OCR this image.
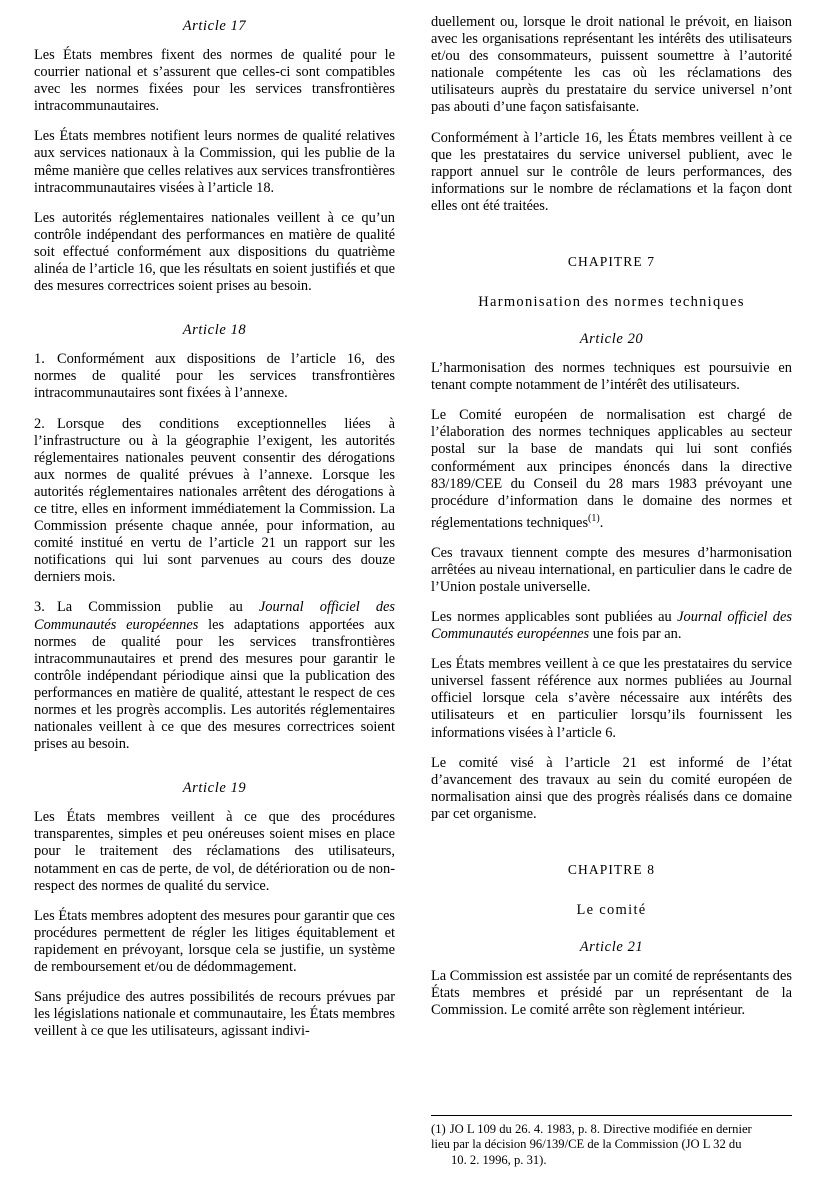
Article 17

Les États membres fixent des normes de qualité pour le courrier national et s’assurent que celles-ci sont compatibles avec les normes fixées pour les services transfrontières intracommunautaires.

Les États membres notifient leurs normes de qualité relatives aux services nationaux à la Commission, qui les publie de la même manière que celles relatives aux services transfrontières intracommunautaires visées à l’article 18.

Les autorités réglementaires nationales veillent à ce qu’un contrôle indépendant des performances en matière de qualité soit effectué conformément aux dispositions du quatrième alinéa de l’article 16, que les résultats en soient justifiés et que des mesures correctrices soient prises au besoin.

Article 18

1. Conformément aux dispositions de l’article 16, des normes de qualité pour les services transfrontières intracommunautaires sont fixées à l’annexe.

2. Lorsque des conditions exceptionnelles liées à l’infrastructure ou à la géographie l’exigent, les autorités réglementaires nationales peuvent consentir des dérogations aux normes de qualité prévues à l’annexe. Lorsque les autorités réglementaires nationales arrêtent des dérogations à ce titre, elles en informent immédiatement la Commission. La Commission présente chaque année, pour information, au comité institué en vertu de l’article 21 un rapport sur les notifications qui lui sont parvenues au cours des douze derniers mois.

3. La Commission publie au Journal officiel des Communautés européennes les adaptations apportées aux normes de qualité pour les services transfrontières intracommunautaires et prend des mesures pour garantir le contrôle indépendant périodique ainsi que la publication des performances en matière de qualité, attestant le respect de ces normes et les progrès accomplis. Les autorités réglementaires nationales veillent à ce que des mesures correctrices soient prises au besoin.

Article 19

Les États membres veillent à ce que des procédures transparentes, simples et peu onéreuses soient mises en place pour le traitement des réclamations des utilisateurs, notamment en cas de perte, de vol, de détérioration ou de non-respect des normes de qualité du service.

Les États membres adoptent des mesures pour garantir que ces procédures permettent de régler les litiges équitablement et rapidement en prévoyant, lorsque cela se justifie, un système de remboursement et/ou de dédommagement.

Sans préjudice des autres possibilités de recours prévues par les législations nationale et communautaire, les États membres veillent à ce que les utilisateurs, agissant indivi-

duellement ou, lorsque le droit national le prévoit, en liaison avec les organisations représentant les intérêts des utilisateurs et/ou des consommateurs, puissent soumettre à l’autorité nationale compétente les cas où les réclamations des utilisateurs auprès du prestataire du service universel n’ont pas abouti d’une façon satisfaisante.

Conformément à l’article 16, les États membres veillent à ce que les prestataires du service universel publient, avec le rapport annuel sur le contrôle de leurs performances, des informations sur le nombre de réclamations et la façon dont elles ont été traitées.

CHAPITRE 7
Harmonisation des normes techniques
Article 20

L’harmonisation des normes techniques est poursuivie en tenant compte notamment de l’intérêt des utilisateurs.

Le Comité européen de normalisation est chargé de l’élaboration des normes techniques applicables au secteur postal sur la base de mandats qui lui sont confiés conformément aux principes énoncés dans la directive 83/189/CEE du Conseil du 28 mars 1983 prévoyant une procédure d’information dans le domaine des normes et réglementations techniques$^{(1)}$.

Ces travaux tiennent compte des mesures d’harmonisation arrêtées au niveau international, en particulier dans le cadre de l’Union postale universelle.

Les normes applicables sont publiées au Journal officiel des Communautés européennes une fois par an.

Les États membres veillent à ce que les prestataires du service universel fassent référence aux normes publiées au Journal officiel lorsque cela s’avère nécessaire aux intérêts des utilisateurs et en particulier lorsqu’ils fournissent les informations visées à l’article 6.

Le comité visé à l’article 21 est informé de l’état d’avancement des travaux au sein du comité européen de normalisation ainsi que des progrès réalisés dans ce domaine par cet organisme.

CHAPITRE 8
Le comité
Article 21

La Commission est assistée par un comité de représentants des États membres et présidé par un représentant de la Commission. Le comité arrête son règlement intérieur.

(1) JO L 109 du 26. 4. 1983, p. 8. Directive modifiée en dernier
lieu par la décision 96/139/CE de la Commission (JO L 32 du
10. 2. 1996, p. 31).
